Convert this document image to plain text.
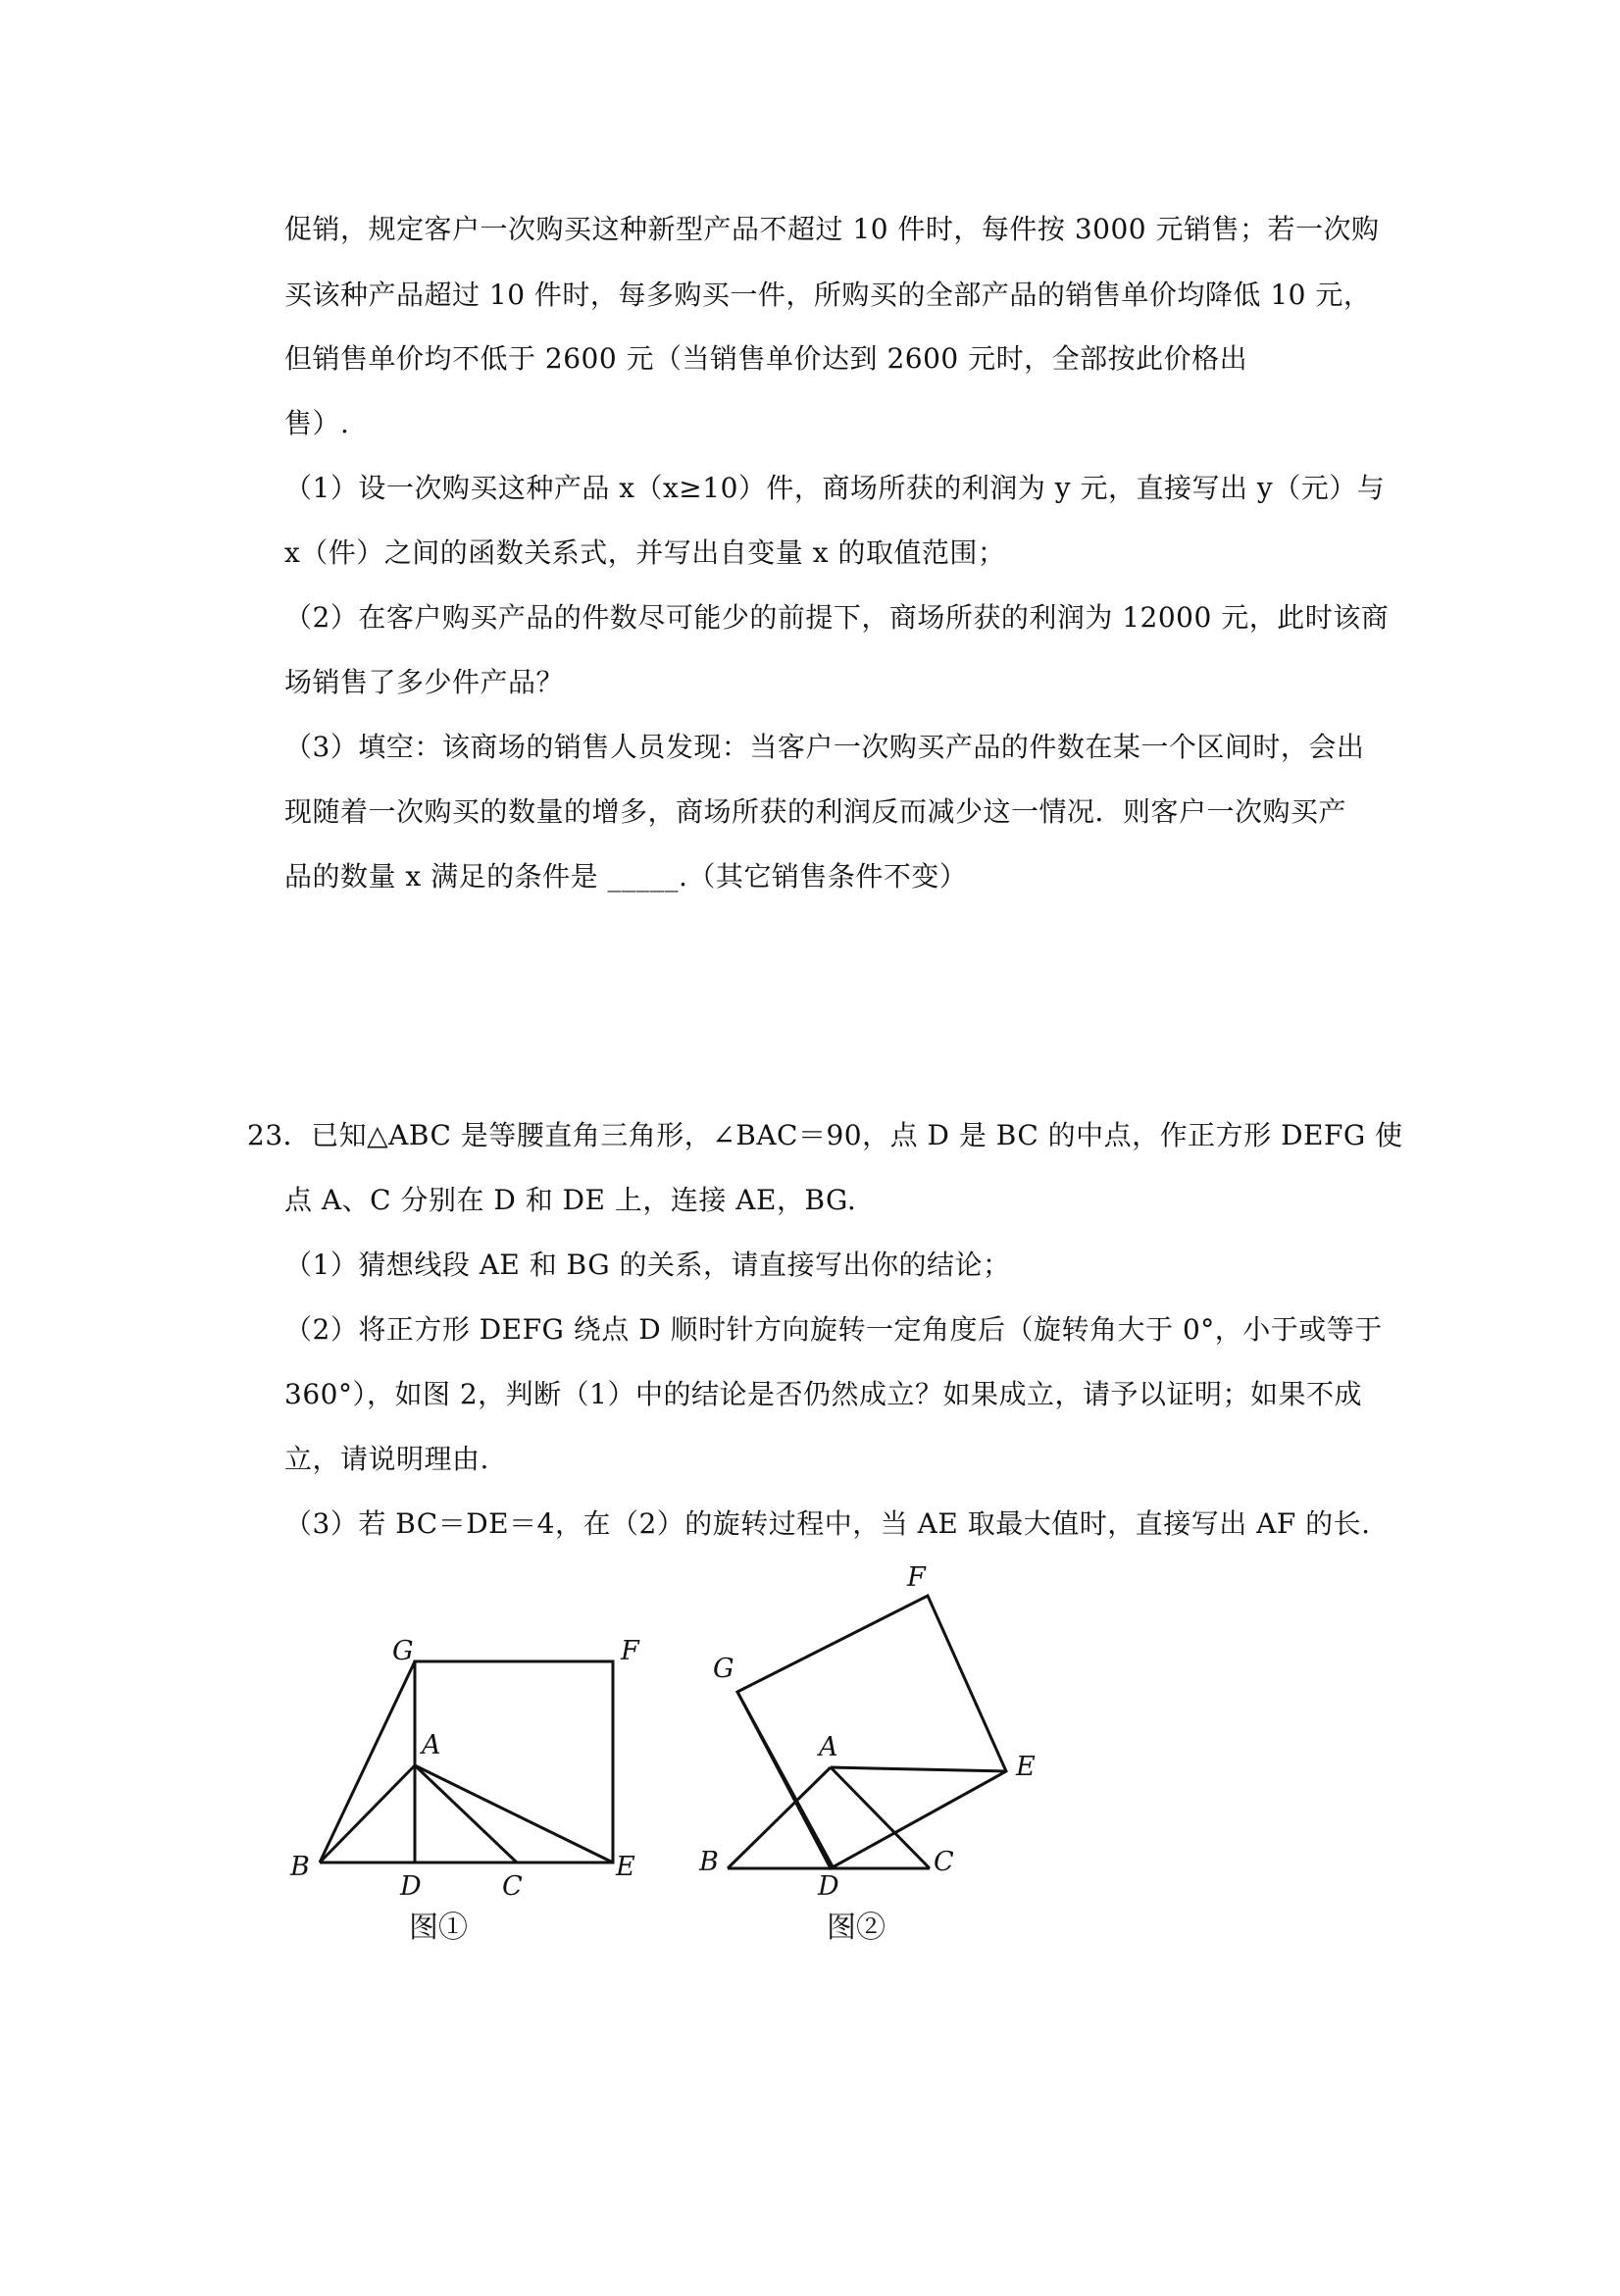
促销，规定客户一次购买这种新型产品不超过 10 件时，每件按 3000 元销售；若一次购
买该种产品超过 10 件时，每多购买一件，所购买的全部产品的销售单价均降低 10 元，
但销售单价均不低于 2600 元（当销售单价达到 2600 元时，全部按此价格出
售）.
（1）设一次购买这种产品 x（x≥10）件，商场所获的利润为 y 元，直接写出 y（元）与
x（件）之间的函数关系式，并写出自变量 x 的取值范围；
（2）在客户购买产品的件数尽可能少的前提下，商场所获的利润为 12000 元，此时该商
场销售了多少件产品？
（3）填空：该商场的销售人员发现：当客户一次购买产品的件数在某一个区间时，会出
现随着一次购买的数量的增多，商场所获的利润反而减少这一情况．则客户一次购买产
品的数量 x 满足的条件是 _____.（其它销售条件不变）
23．已知△ABC 是等腰直角三角形，∠BAC＝90，点 D 是 BC 的中点，作正方形 DEFG 使
点 A、C 分别在 D 和 DE 上，连接 AE，BG.
（1）猜想线段 AE 和 BG 的关系，请直接写出你的结论；
（2）将正方形 DEFG 绕点 D 顺时针方向旋转一定角度后（旋转角大于 0°，小于或等于
360°），如图 2，判断（1）中的结论是否仍然成立？如果成立，请予以证明；如果不成
立，请说明理由.
（3）若 BC＝DE＝4，在（2）的旋转过程中，当 AE 取最大值时，直接写出 AF 的长.
G	F
A
B
D	C
E
F
G
A
E
B
D
C
图①	图②
